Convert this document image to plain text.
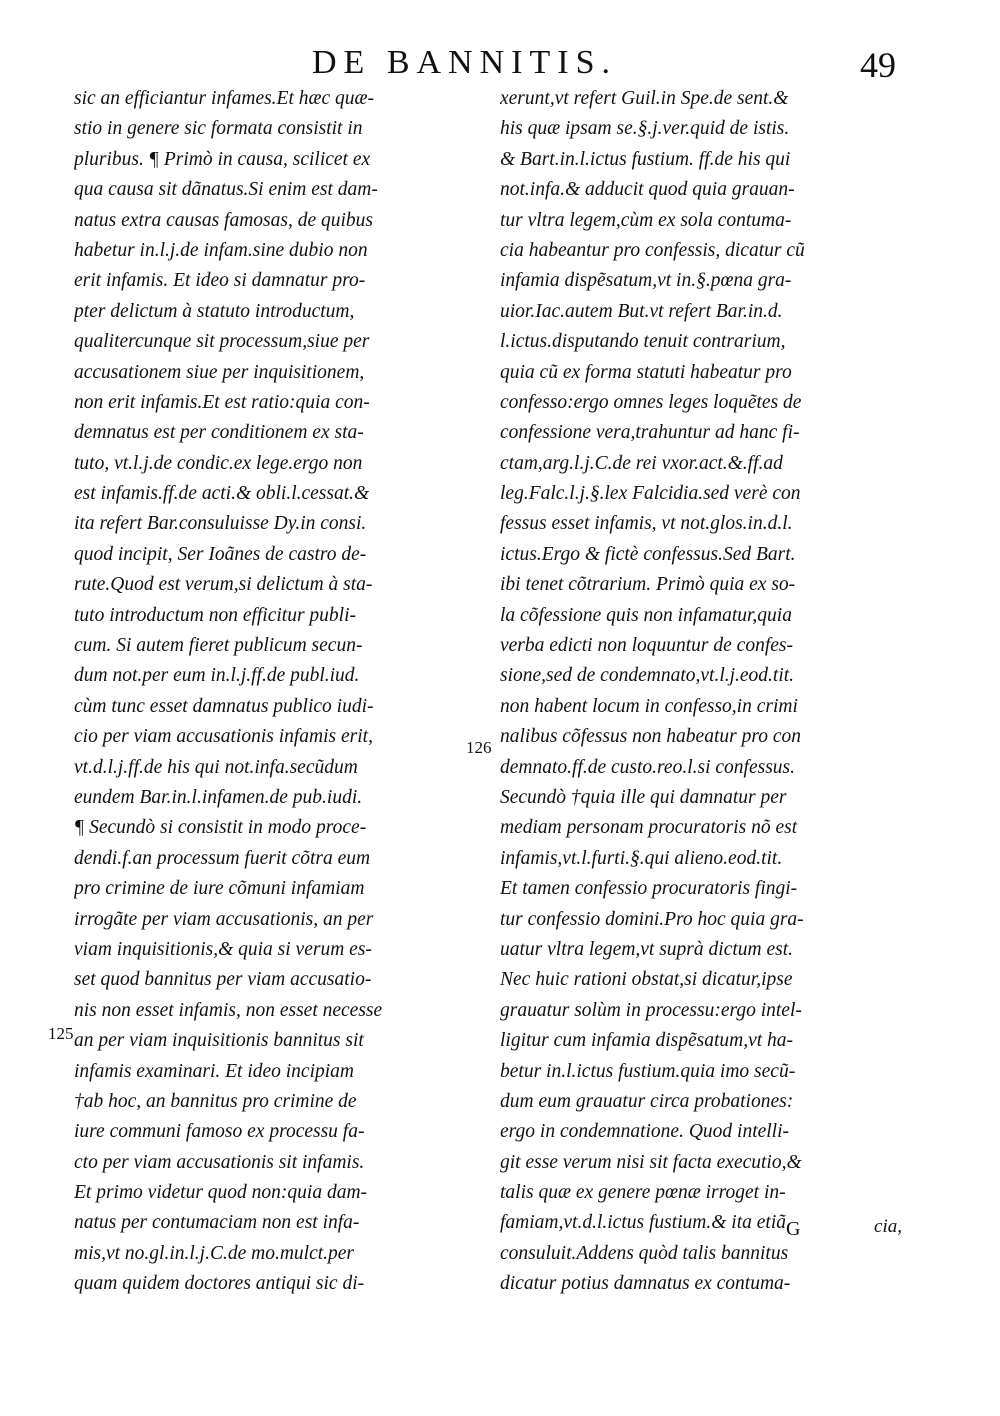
DE BANNITIS.	49
sic an efficiantur infames.Et hæc quæ-
stio in genere sic formata consistit in
pluribus. ¶ Primò in causa, scilicet ex
qua causa sit dãnatus.Si enim est dam-
natus extra causas famosas, de quibus
habetur in.l.j.de infam.sine dubio non
erit infamis. Et ideo si damnatur pro-
pter delictum à statuto introductum,
qualitercunque sit processum,siue per
accusationem siue per inquisitionem,
non erit infamis.Et est ratio:quia con-
demnatus est per conditionem ex sta-
tuto, vt.l.j.de condic.ex lege.ergo non
est infamis.ff.de acti.& obli.l.cessat.&
ita refert Bar.consuluisse Dy.in consi.
quod incipit, Ser Ioãnes de castro de-
rute.Quod est verum,si delictum à sta-
tuto introductum non efficitur publi-
cum. Si autem fieret publicum secun-
dum not.per eum in.l.j.ff.de publ.iud.
cùm tunc esset damnatus publico iudi-
cio per viam accusationis infamis erit,
vt.d.l.j.ff.de his qui not.infa.secũdum
eundem Bar.in.l.infamen.de pub.iudi.
¶ Secundò si consistit in modo proce-
dendi.f.an processum fuerit cõtra eum
pro crimine de iure cõmuni infamiam
irrogãte per viam accusationis, an per
viam inquisitionis,& quia si verum es-
set quod bannitus per viam accusatio-
nis non esset infamis, non esset necesse
an per viam inquisitionis bannitus sit
infamis examinari. Et ideo incipiam
†ab hoc, an bannitus pro crimine de
iure communi famoso ex processu fa-
cto per viam accusationis sit infamis.
Et primo videtur quod non:quia dam-
natus per contumaciam non est infa-
mis,vt no.gl.in.l.j.C.de mo.mulct.per
quam quidem doctores antiqui sic di-
xerunt,vt refert Guil.in Spe.de sent.&
his quæ ipsam se.§.j.ver.quid de istis.
& Bart.in.l.ictus fustium. ff.de his qui
not.infa.& adducit quod quia grauan-
tur vltra legem,cùm ex sola contuma-
cia habeantur pro confessis, dicatur cũ
infamia dispẽsatum,vt in.§.pœna gra-
uior.Iac.autem But.vt refert Bar.in.d.
l.ictus.disputando tenuit contrarium,
quia cũ ex forma statuti habeatur pro
confesso:ergo omnes leges loquẽtes de
confessione vera,trahuntur ad hanc fi-
ctam,arg.l.j.C.de rei vxor.act.&.ff.ad
leg.Falc.l.j.§.lex Falcidia.sed verè con
fessus esset infamis, vt not.glos.in.d.l.
ictus.Ergo & fictè confessus.Sed Bart.
ibi tenet cõtrarium. Primò quia ex so-
la cõfessione quis non infamatur,quia
verba edicti non loquuntur de confes-
sione,sed de condemnato,vt.l.j.eod.tit.
non habent locum in confesso,in crimi
nalibus cõfessus non habeatur pro con
demnato.ff.de custo.reo.l.si confessus.
Secundò †quia ille qui damnatur per
mediam personam procuratoris nõ est
infamis,vt.l.furti.§.qui alieno.eod.tit.
Et tamen confessio procuratoris fingi-
tur confessio domini.Pro hoc quia gra-
uatur vltra legem,vt suprà dictum est.
Nec huic rationi obstat,si dicatur,ipse
grauatur solùm in processu:ergo intel-
ligitur cum infamia dispẽsatum,vt ha-
betur in.l.ictus fustium.quia imo secũ-
dum eum grauatur circa probationes:
ergo in condemnatione. Quod intelli-
git esse verum nisi sit facta executio,&
talis quæ ex genere pœnæ irroget in-
famiam,vt.d.l.ictus fustium.& ita etiã
consuluit.Addens quòd talis bannitus
dicatur potius damnatus ex contuma-
125
126
G	cia,
